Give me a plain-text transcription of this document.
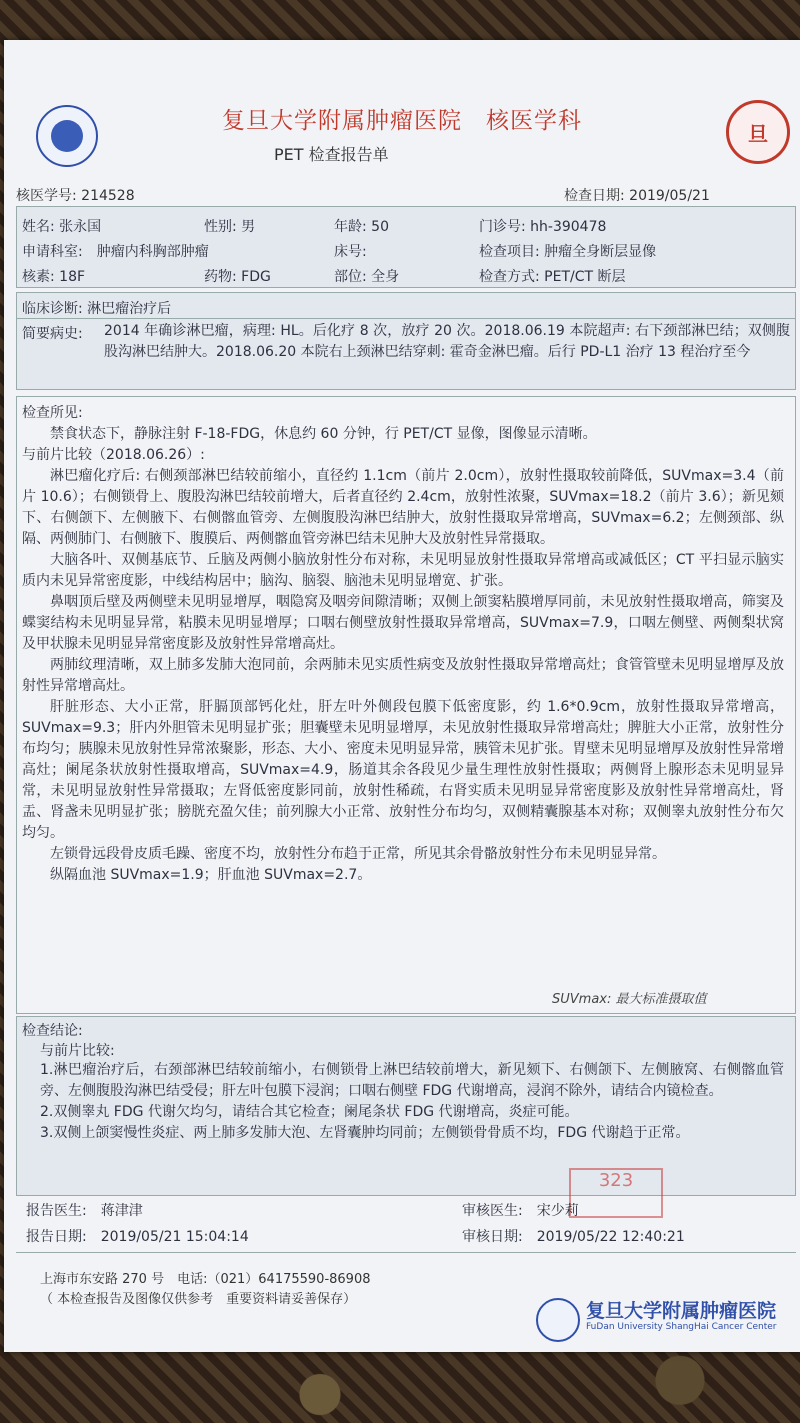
旦
复旦大学附属肿瘤医院　核医学科
PET 检查报告单
核医学号: 214528	检查日期: 2019/05/21
姓名: 张永国	性别: 男	年龄: 50	门诊号: hh-390478
申请科室:　肿瘤内科胸部肿瘤	床号:	检查项目: 肿瘤全身断层显像
核素: 18F	药物: FDG	部位: 全身	检查方式: PET/CT 断层
临床诊断: 淋巴瘤治疗后
简要病史: 2014 年确诊淋巴瘤，病理: HL。后化疗 8 次，放疗 20 次。2018.06.19 本院超声: 右下颈部淋巴结；双侧腹股沟淋巴结肿大。2018.06.20 本院右上颈淋巴结穿刺: 霍奇金淋巴瘤。后行 PD-L1 治疗 13 程治疗至今

检查所见:

禁食状态下，静脉注射 F-18-FDG，休息约 60 分钟，行 PET/CT 显像，图像显示清晰。

与前片比较（2018.06.26）:

淋巴瘤化疗后: 右侧颈部淋巴结较前缩小，直径约 1.1cm（前片 2.0cm），放射性摄取较前降低，SUVmax=3.4（前片 10.6）；右侧锁骨上、腹股沟淋巴结较前增大，后者直径约 2.4cm，放射性浓聚，SUVmax=18.2（前片 3.6）；新见颏下、右侧颌下、左侧腋下、右侧髂血管旁、左侧腹股沟淋巴结肿大，放射性摄取异常增高，SUVmax=6.2；左侧颈部、纵隔、两侧肺门、右侧腋下、腹膜后、两侧髂血管旁淋巴结未见肿大及放射性异常摄取。

大脑各叶、双侧基底节、丘脑及两侧小脑放射性分布对称，未见明显放射性摄取异常增高或减低区；CT 平扫显示脑实质内未见异常密度影，中线结构居中；脑沟、脑裂、脑池未见明显增宽、扩张。

鼻咽顶后壁及两侧壁未见明显增厚，咽隐窝及咽旁间隙清晰；双侧上颌窦粘膜增厚同前，未见放射性摄取增高，筛窦及蝶窦结构未见明显异常，粘膜未见明显增厚；口咽右侧壁放射性摄取异常增高，SUVmax=7.9，口咽左侧壁、两侧梨状窝及甲状腺未见明显异常密度影及放射性异常增高灶。

两肺纹理清晰，双上肺多发肺大泡同前，余两肺未见实质性病变及放射性摄取异常增高灶；食管管壁未见明显增厚及放射性异常增高灶。

肝脏形态、大小正常，肝膈顶部钙化灶，肝左叶外侧段包膜下低密度影，约 1.6*0.9cm，放射性摄取异常增高，SUVmax=9.3；肝内外胆管未见明显扩张；胆囊壁未见明显增厚，未见放射性摄取异常增高灶；脾脏大小正常，放射性分布均匀；胰腺未见放射性异常浓聚影，形态、大小、密度未见明显异常，胰管未见扩张。胃壁未见明显增厚及放射性异常增高灶；阑尾条状放射性摄取增高，SUVmax=4.9，肠道其余各段见少量生理性放射性摄取；两侧肾上腺形态未见明显异常，未见明显放射性异常摄取；左肾低密度影同前，放射性稀疏，右肾实质未见明显异常密度影及放射性异常增高灶，肾盂、肾盏未见明显扩张；膀胱充盈欠佳；前列腺大小正常、放射性分布均匀，双侧精囊腺基本对称；双侧睾丸放射性分布欠均匀。

左锁骨远段骨皮质毛躁、密度不均，放射性分布趋于正常，所见其余骨骼放射性分布未见明显异常。

纵隔血池 SUVmax=1.9；肝血池 SUVmax=2.7。

SUVmax: 最大标准摄取值
检查结论:
与前片比较:

1.淋巴瘤治疗后，右颈部淋巴结较前缩小，右侧锁骨上淋巴结较前增大，新见颏下、右侧颌下、左侧腋窝、右侧髂血管旁、左侧腹股沟淋巴结受侵；肝左叶包膜下浸润；口咽右侧壁 FDG 代谢增高，浸润不除外，请结合内镜检查。

2.双侧睾丸 FDG 代谢欠均匀，请结合其它检查；阑尾条状 FDG 代谢增高，炎症可能。

3.双侧上颌窦慢性炎症、两上肺多发肺大泡、左肾囊肿均同前；左侧锁骨骨质不均，FDG 代谢趋于正常。

323
报告医生:　蒋津津	审核医生:　宋少莉
报告日期:　2019/05/21 15:04:14	审核日期:　2019/05/22 12:40:21
上海市东安路 270 号　电话:（021）64175590-86908
（ 本检查报告及图像仅供参考　重要资料请妥善保存）
复旦大学附属肿瘤医院
FuDan University ShangHai Cancer Center
